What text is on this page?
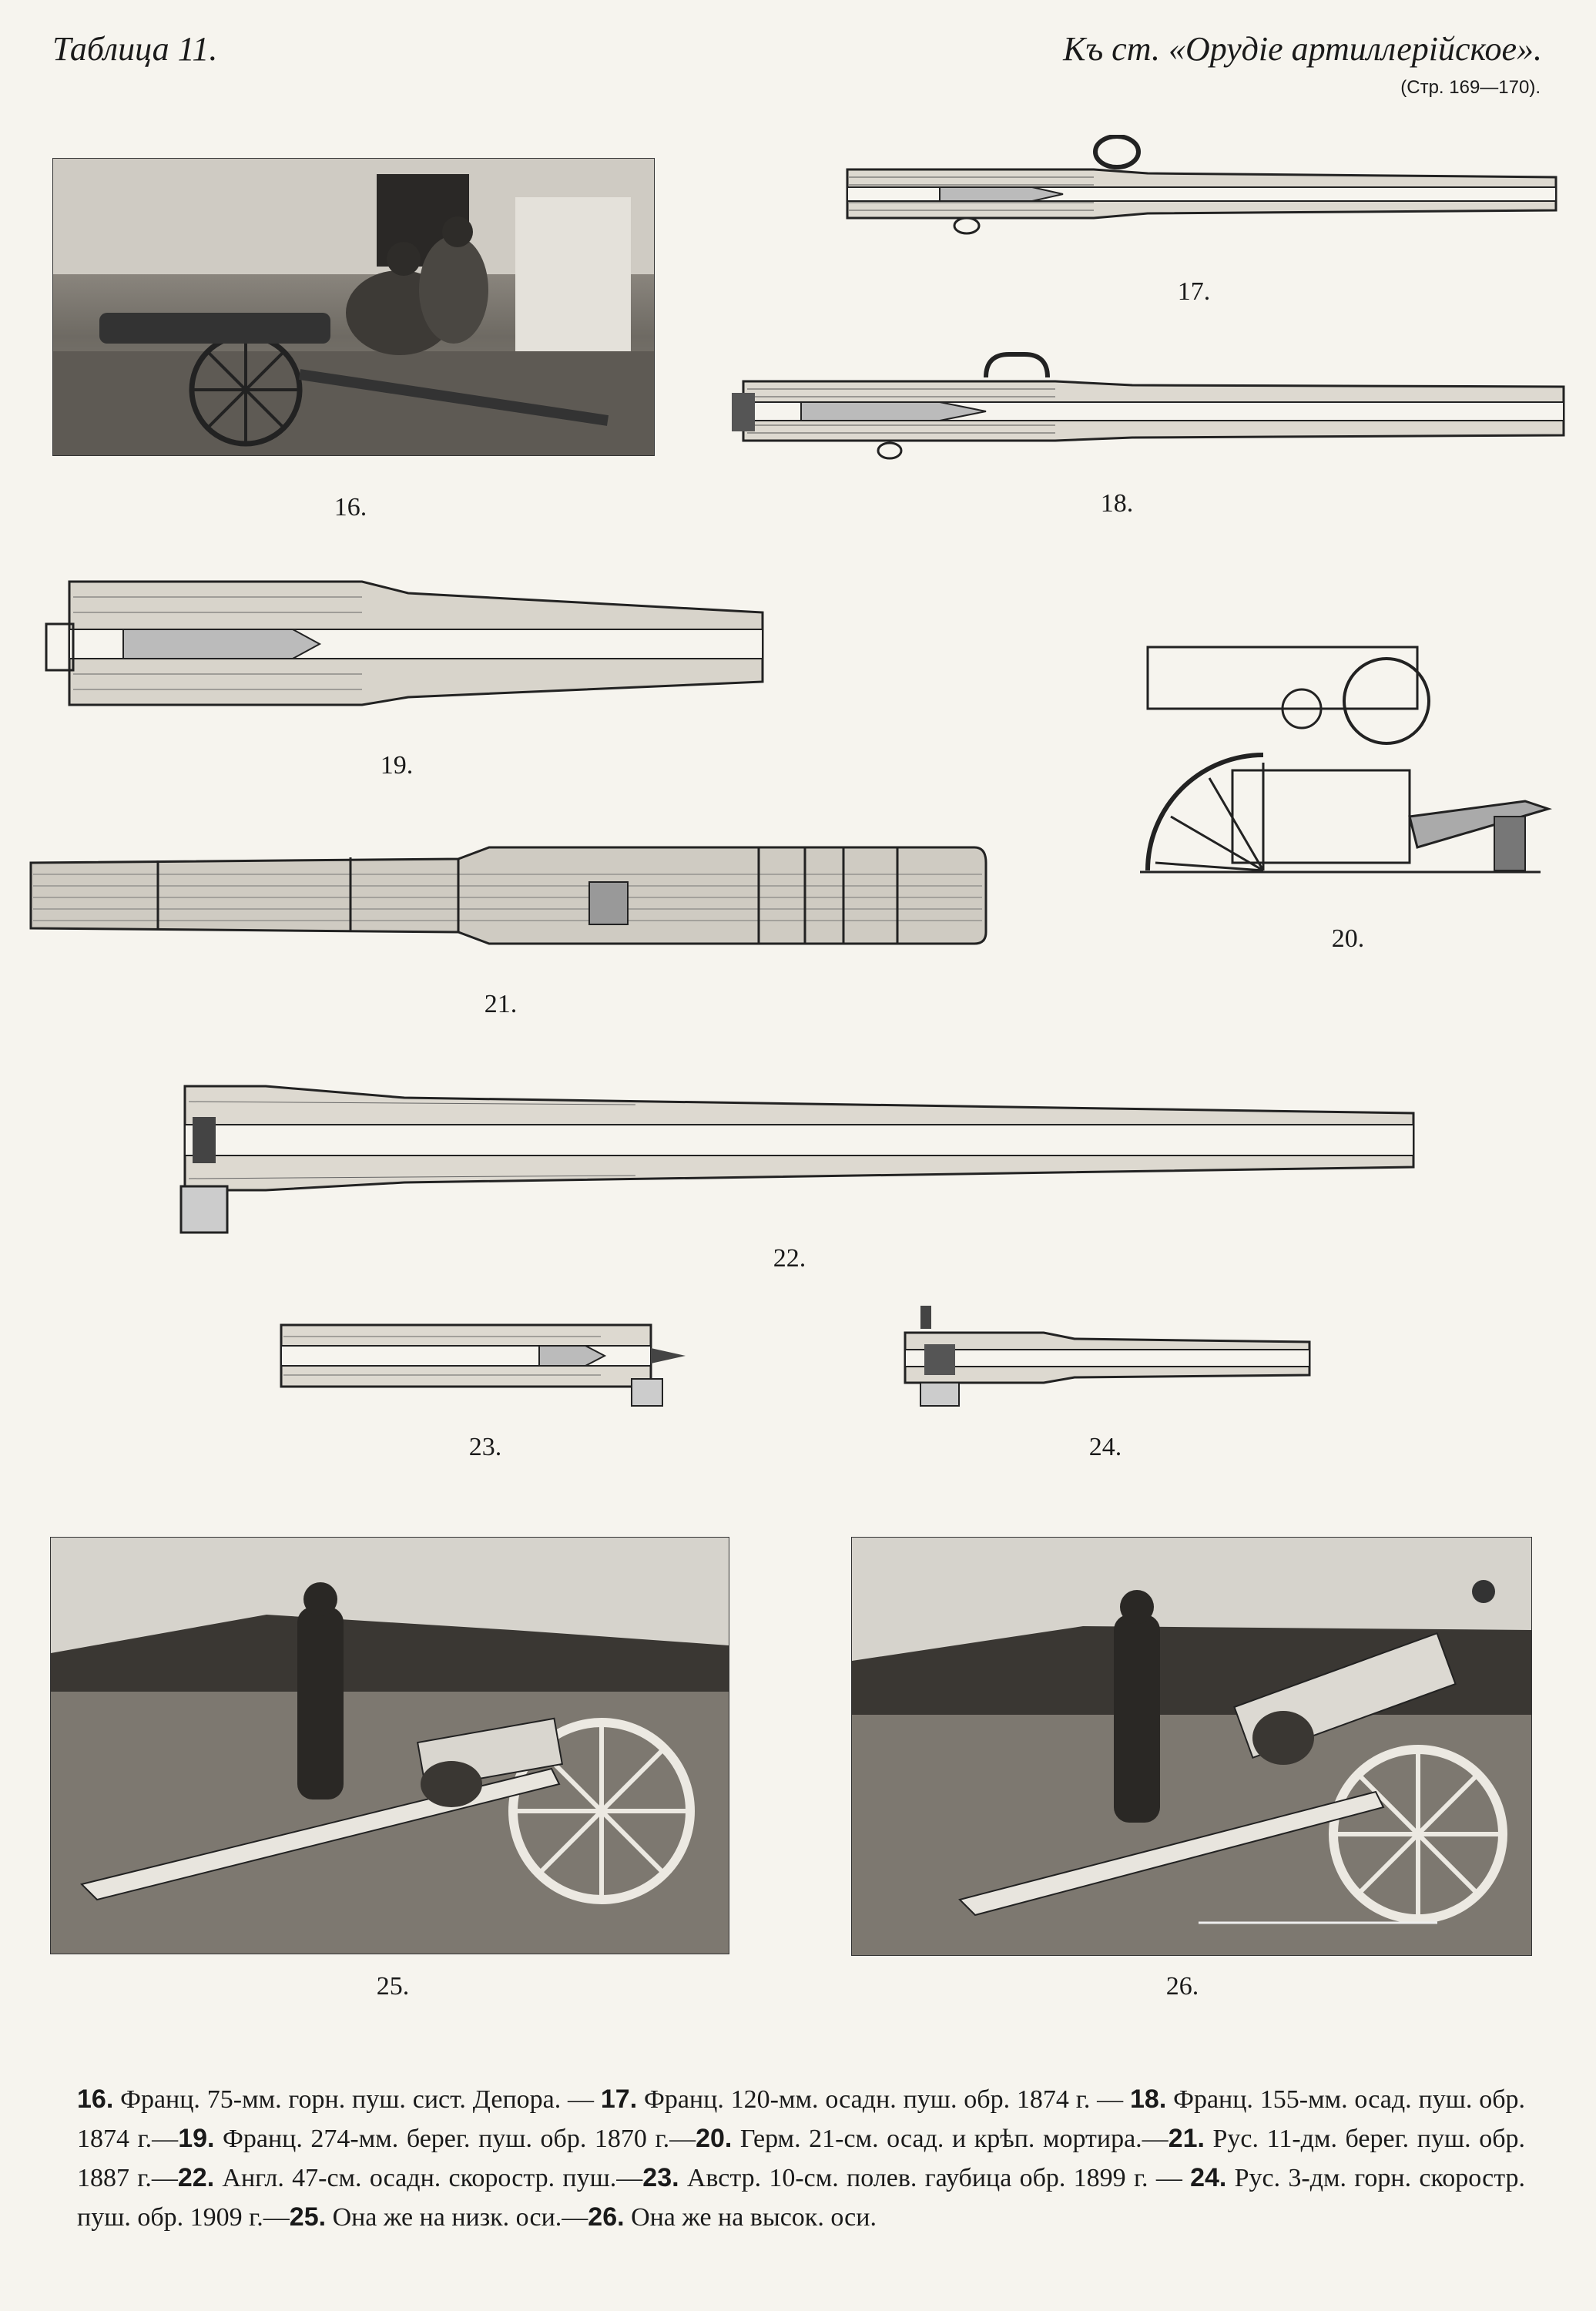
Таблица 11.	Къ ст. «Орудіе артиллерійское».
(Стр. 169—170).
16.
17.
18.
19.
20.
21.
22.
23.	24.
25.	26.
16. Франц. 75-мм. горн. пуш. сист. Депора. — 17. Франц. 120-мм. осадн. пуш. обр. 1874 г. — 18. Франц. 155-мм. осад. пуш. обр. 1874 г.—19. Франц. 274-мм. берег. пуш. обр. 1870 г.—20. Герм. 21-см. осад. и крѣп. мортира.—21. Рус. 11-дм. берег. пуш. обр. 1887 г.—22. Англ. 47-см. осадн. скоростр. пуш.—23. Австр. 10-см. полев. гаубица обр. 1899 г. — 24. Рус. 3-дм. горн. скоростр. пуш. обр. 1909 г.—25. Она же на низк. оси.—26. Она же на высок. оси.
